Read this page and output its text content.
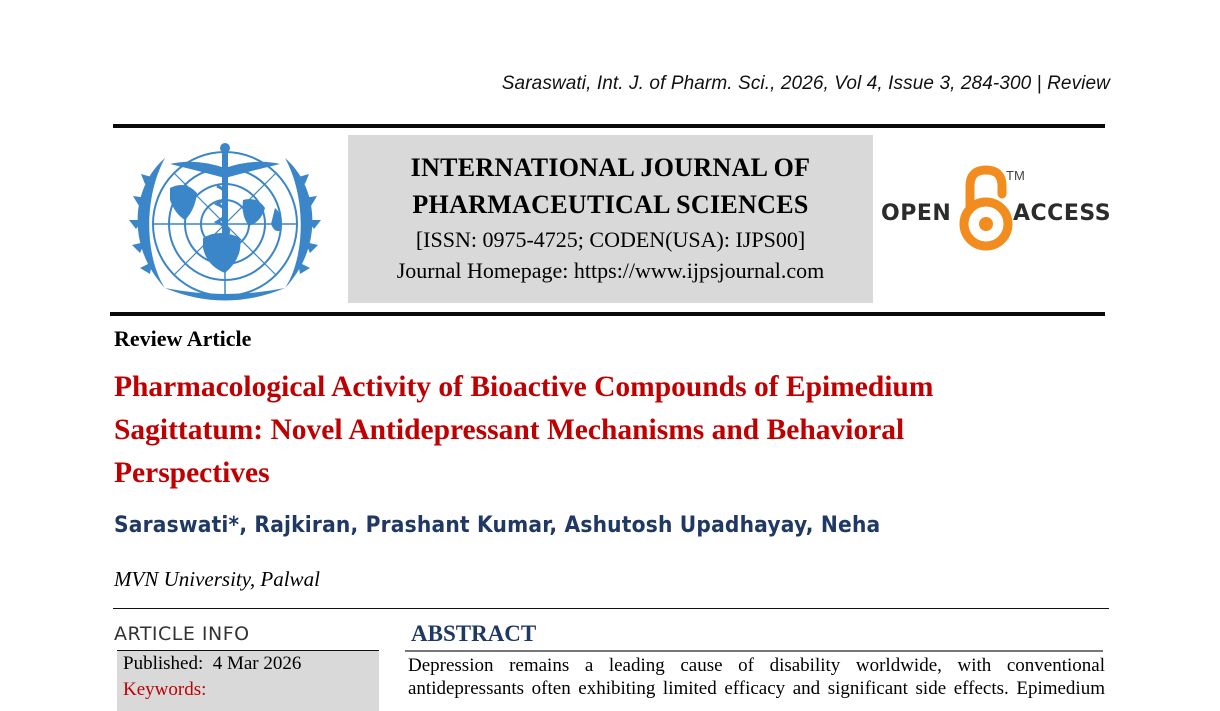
Saraswati, Int. J. of Pharm. Sci., 2026, Vol 4, Issue 3, 284-300 | Review
INTERNATIONAL JOURNAL OF
PHARMACEUTICAL SCIENCES
[ISSN: 0975-4725; CODEN(USA): IJPS00]
Journal Homepage: https://www.ijpsjournal.com
OPEN
TM
ACCESS
Review Article
Pharmacological Activity of Bioactive Compounds of Epimedium
Sagittatum: Novel Antidepressant Mechanisms and Behavioral
Perspectives
Saraswati*, Rajkiran, Prashant Kumar, Ashutosh Upadhayay, Neha
MVN University, Palwal
ARTICLE INFO
Published: 4 Mar 2026
Keywords:
ABSTRACT
Depression remains a leading cause of disability worldwide, with conventional
antidepressants often exhibiting limited efficacy and significant side effects. Epimedium
